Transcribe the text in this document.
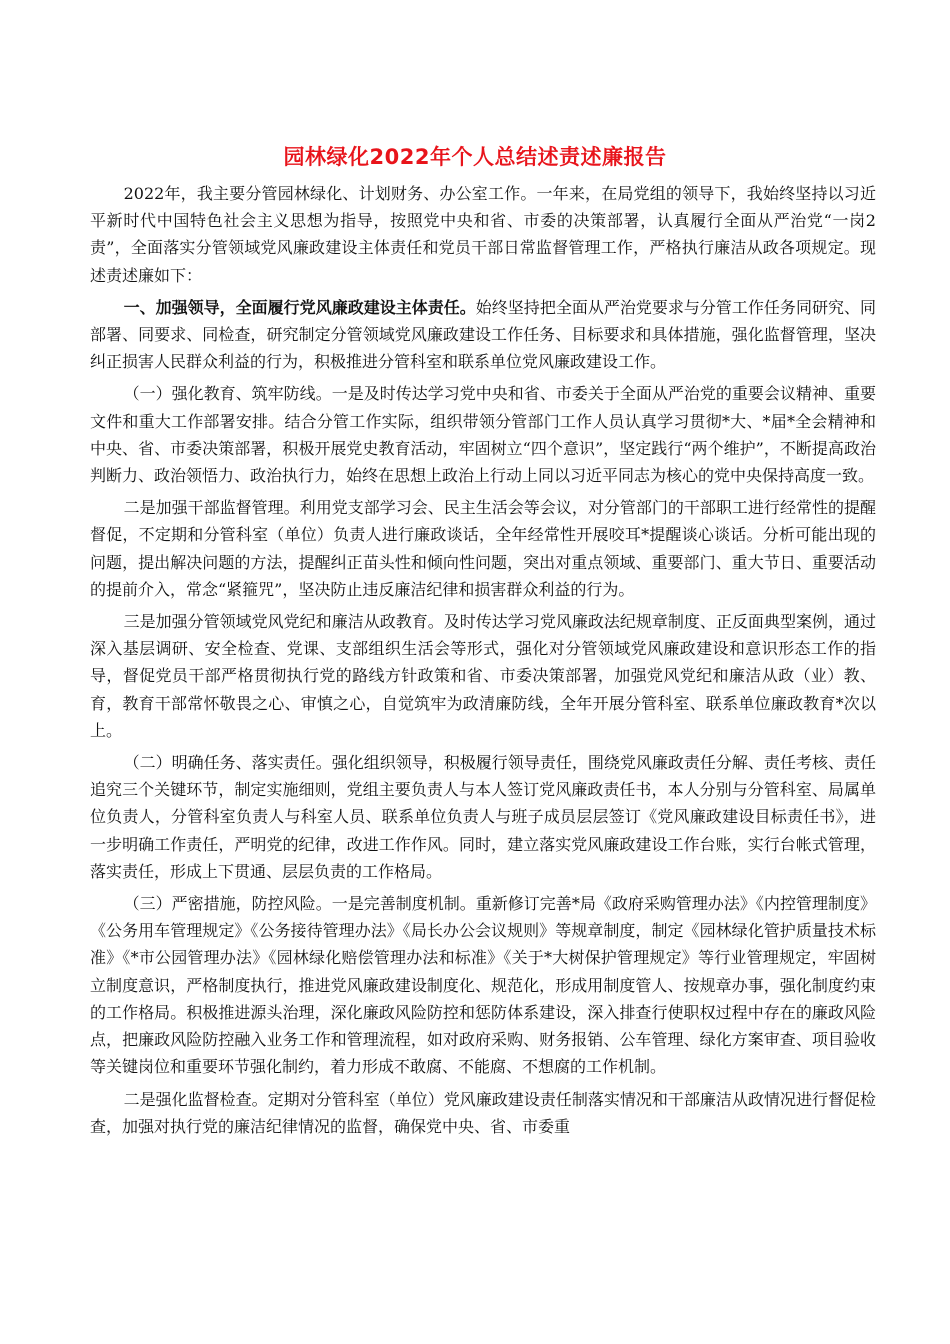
园林绿化2022年个人总结述责述廉报告

2022年，我主要分管园林绿化、计划财务、办公室工作。一年来，在局党组的领导下，我始终坚持以习近平新时代中国特色社会主义思想为指导，按照党中央和省、市委的决策部署，认真履行全面从严治党“一岗2责”，全面落实分管领域党风廉政建设主体责任和党员干部日常监督管理工作，严格执行廉洁从政各项规定。现述责述廉如下：

一、加强领导，全面履行党风廉政建设主体责任。始终坚持把全面从严治党要求与分管工作任务同研究、同部署、同要求、同检查，研究制定分管领域党风廉政建设工作任务、目标要求和具体措施，强化监督管理，坚决纠正损害人民群众利益的行为，积极推进分管科室和联系单位党风廉政建设工作。

（一）强化教育、筑牢防线。一是及时传达学习党中央和省、市委关于全面从严治党的重要会议精神、重要文件和重大工作部署安排。结合分管工作实际，组织带领分管部门工作人员认真学习贯彻*大、*届*全会精神和中央、省、市委决策部署，积极开展党史教育活动，牢固树立“四个意识”，坚定践行“两个维护”，不断提高政治判断力、政治领悟力、政治执行力，始终在思想上政治上行动上同以习近平同志为核心的党中央保持高度一致。

二是加强干部监督管理。利用党支部学习会、民主生活会等会议，对分管部门的干部职工进行经常性的提醒督促，不定期和分管科室（单位）负责人进行廉政谈话，全年经常性开展咬耳*提醒谈心谈话。分析可能出现的问题，提出解决问题的方法，提醒纠正苗头性和倾向性问题，突出对重点领域、重要部门、重大节日、重要活动的提前介入，常念“紧箍咒”，坚决防止违反廉洁纪律和损害群众利益的行为。

三是加强分管领域党风党纪和廉洁从政教育。及时传达学习党风廉政法纪规章制度、正反面典型案例，通过深入基层调研、安全检查、党课、支部组织生活会等形式，强化对分管领域党风廉政建设和意识形态工作的指导，督促党员干部严格贯彻执行党的路线方针政策和省、市委决策部署，加强党风党纪和廉洁从政（业）教、育，教育干部常怀敬畏之心、审慎之心，自觉筑牢为政清廉防线，全年开展分管科室、联系单位廉政教育*次以上。

（二）明确任务、落实责任。强化组织领导，积极履行领导责任，围绕党风廉政责任分解、责任考核、责任追究三个关键环节，制定实施细则，党组主要负责人与本人签订党风廉政责任书，本人分别与分管科室、局属单位负责人，分管科室负责人与科室人员、联系单位负责人与班子成员层层签订《党风廉政建设目标责任书》，进一步明确工作责任，严明党的纪律，改进工作作风。同时，建立落实党风廉政建设工作台账，实行台帐式管理，落实责任，形成上下贯通、层层负责的工作格局。

（三）严密措施，防控风险。一是完善制度机制。重新修订完善*局《政府采购管理办法》《内控管理制度》《公务用车管理规定》《公务接待管理办法》《局长办公会议规则》等规章制度，制定《园林绿化管护质量技术标准》《*市公园管理办法》《园林绿化赔偿管理办法和标准》《关于*大树保护管理规定》等行业管理规定，牢固树立制度意识，严格制度执行，推进党风廉政建设制度化、规范化，形成用制度管人、按规章办事，强化制度约束的工作格局。积极推进源头治理，深化廉政风险防控和惩防体系建设，深入排查行使职权过程中存在的廉政风险点，把廉政风险防控融入业务工作和管理流程，如对政府采购、财务报销、公车管理、绿化方案审查、项目验收等关键岗位和重要环节强化制约，着力形成不敢腐、不能腐、不想腐的工作机制。

二是强化监督检查。定期对分管科室（单位）党风廉政建设责任制落实情况和干部廉洁从政情况进行督促检查，加强对执行党的廉洁纪律情况的监督，确保党中央、省、市委重
